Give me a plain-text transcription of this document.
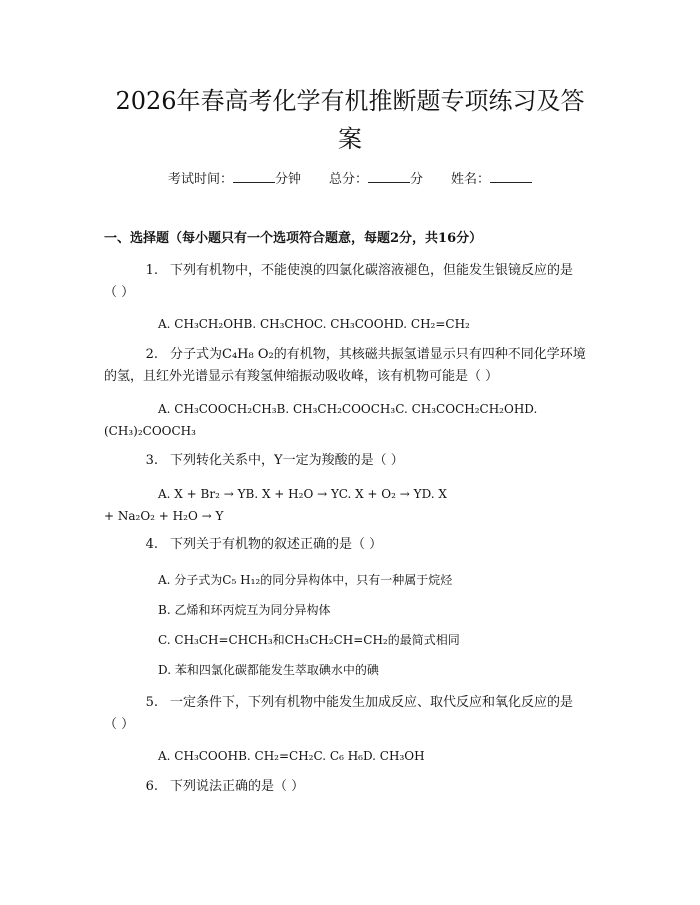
2026年春高考化学有机推断题专项练习及答
案
考试时间：	分钟 总分：	分 姓名：
一、选择题（每小题只有一个选项符合题意，每题2分，共16分）
1. 下列有机物中，不能使溴的四氯化碳溶液褪色，但能发生银镜反应的是
（ ）
A. CH₃CH₂OHB. CH₃CHOC. CH₃COOHD. CH₂=CH₂
2. 分子式为C₄H₈ O₂的有机物，其核磁共振氢谱显示只有四种不同化学环境
的氢，且红外光谱显示有羧氢伸缩振动吸收峰，该有机物可能是（ ）
A. CH₃COOCH₂CH₃B. CH₃CH₂COOCH₃C. CH₃COCH₂CH₂OHD.
(CH₃)₂COOCH₃
3. 下列转化关系中，Y一定为羧酸的是（ ）
A. X + Br₂ → YB. X + H₂O → YC. X + O₂ → YD. X
+ Na₂O₂ + H₂O → Y
4. 下列关于有机物的叙述正确的是（ ）
A. 分子式为C₅ H₁₂的同分异构体中，只有一种属于烷烃
B. 乙烯和环丙烷互为同分异构体
C. CH₃CH=CHCH₃和CH₃CH₂CH=CH₂的最简式相同
D. 苯和四氯化碳都能发生萃取碘水中的碘
5. 一定条件下，下列有机物中能发生加成反应、取代反应和氧化反应的是
（ ）
A. CH₃COOHB. CH₂=CH₂C. C₆ H₆D. CH₃OH
6. 下列说法正确的是（ ）
